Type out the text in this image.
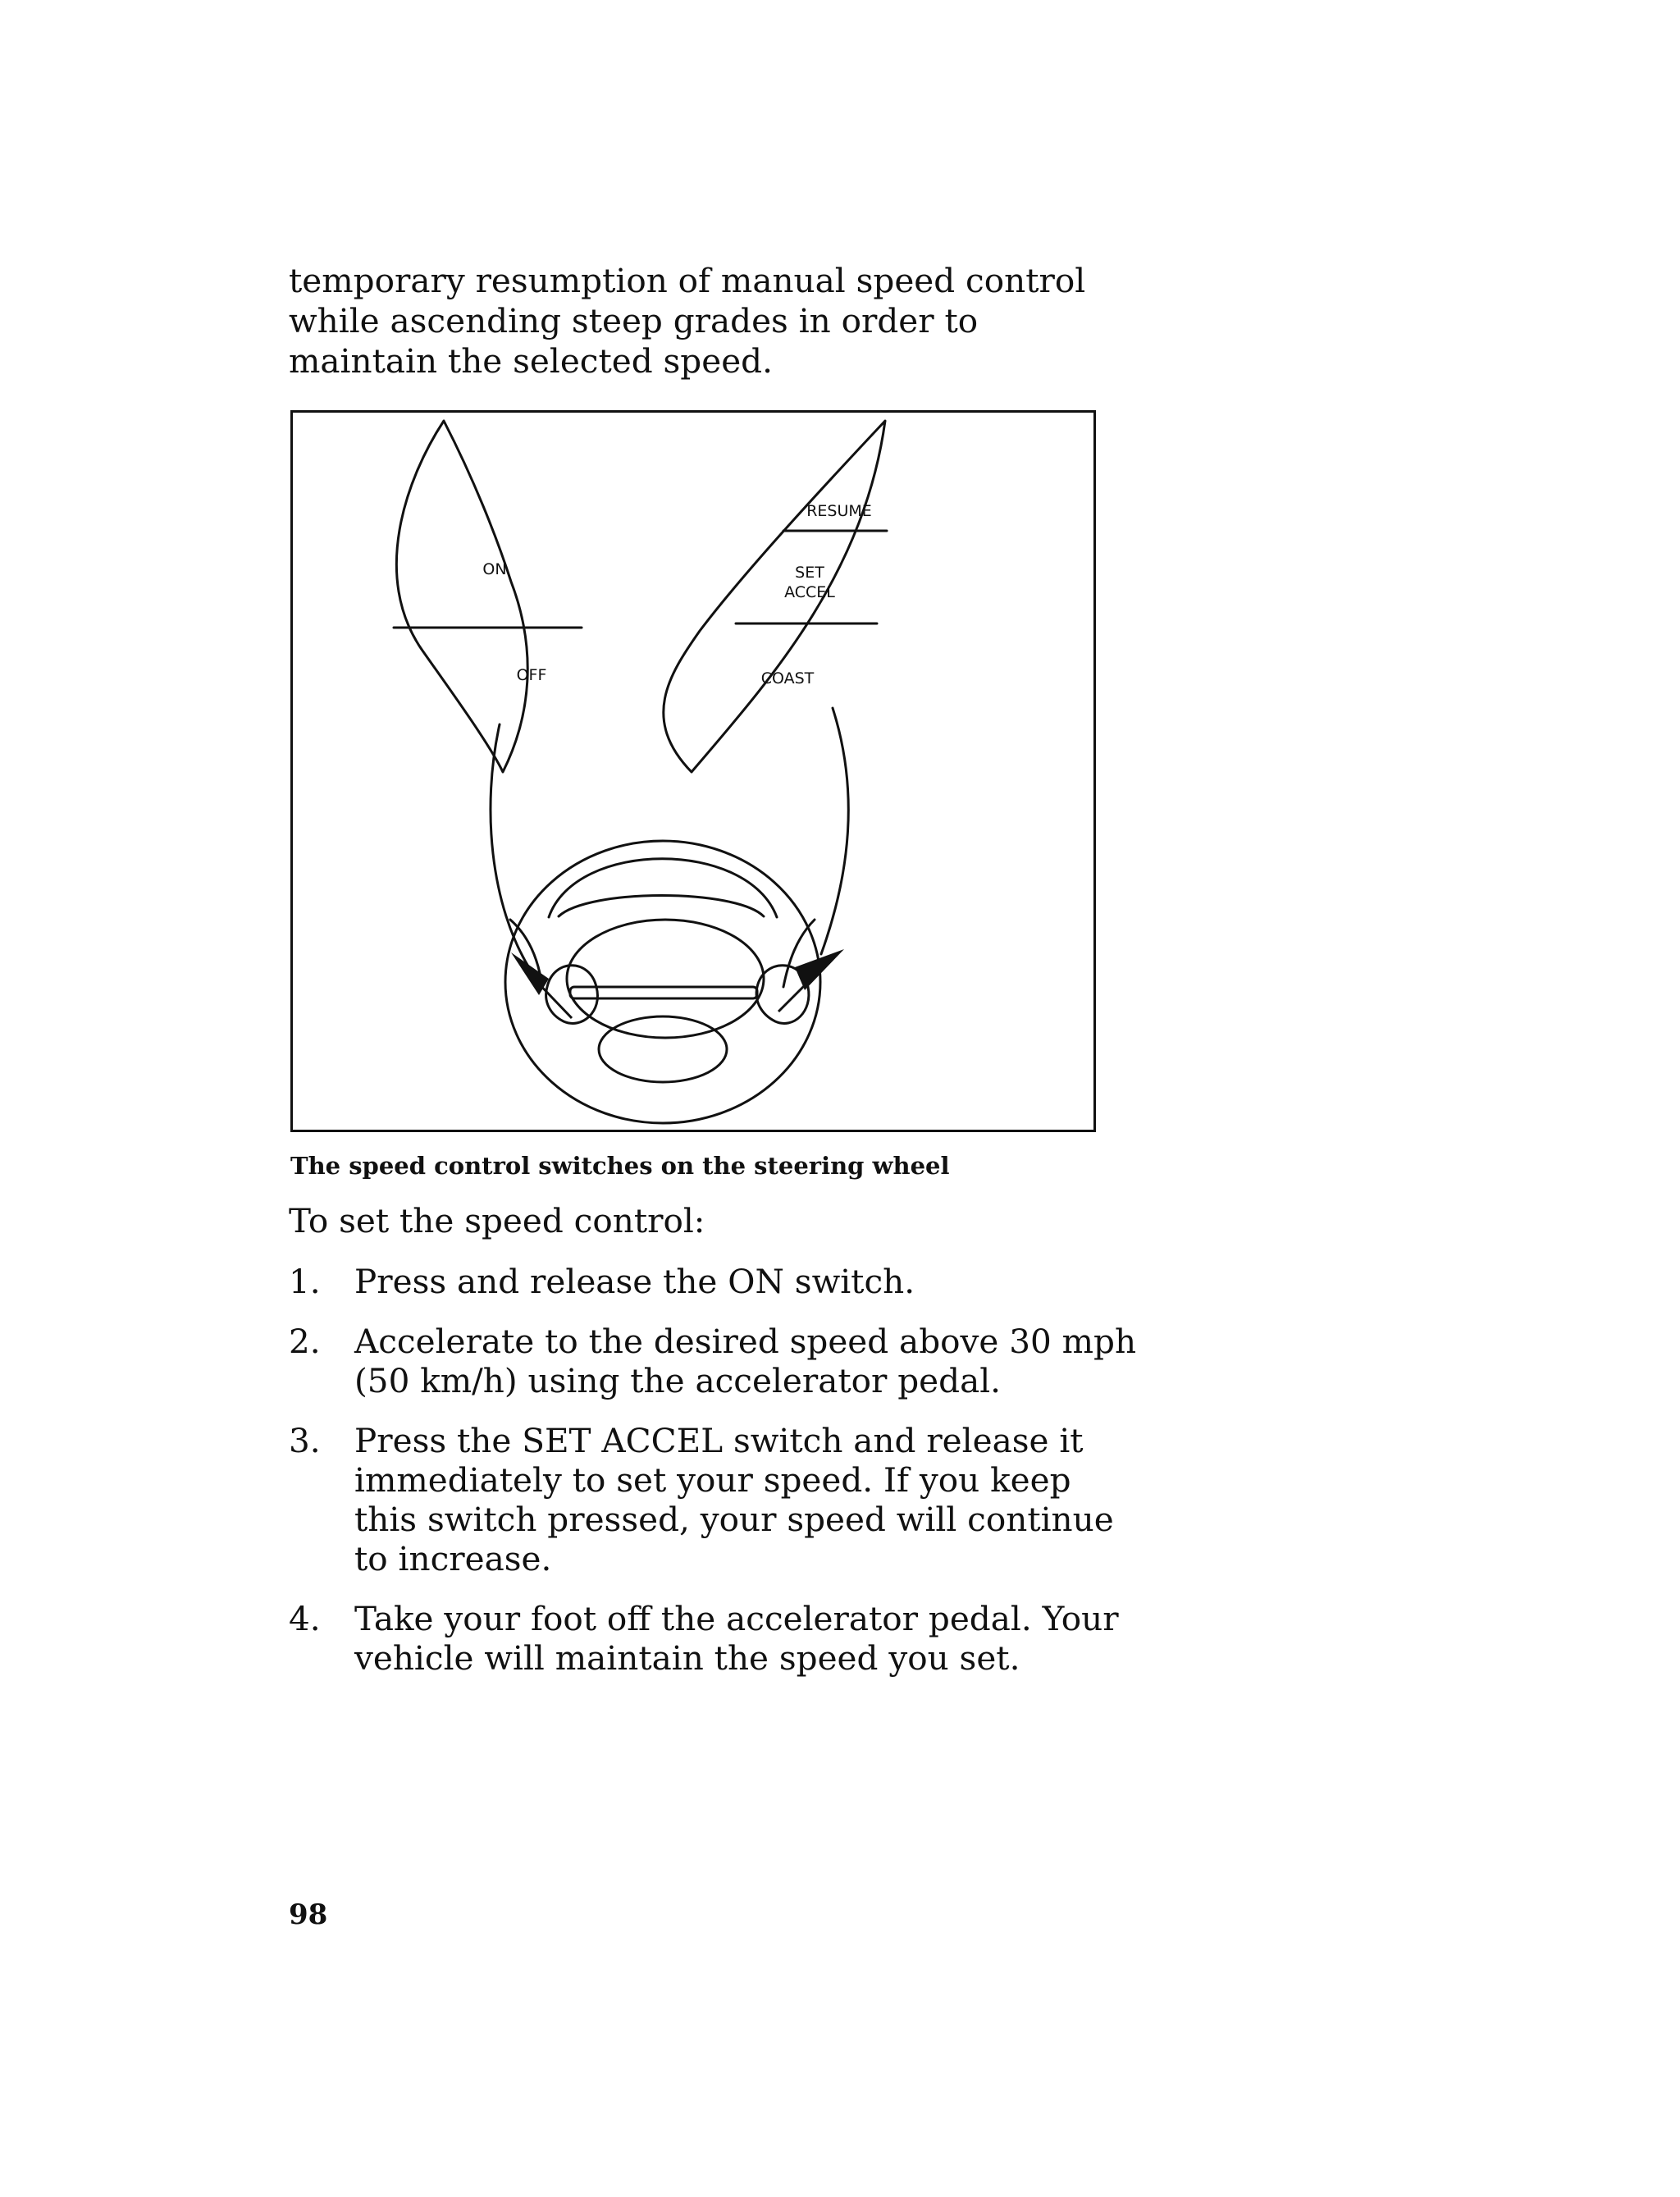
temporary resumption of manual speed control while ascending steep grades in order to maintain the selected speed.

ON
OFF
RESUME
SET
ACCEL
COAST

The speed control switches on the steering wheel

To set the speed control:

1. Press and release the ON switch.
2. Accelerate to the desired speed above 30 mph (50 km/h) using the accelerator pedal.
3. Press the SET ACCEL switch and release it immediately to set your speed. If you keep this switch pressed, your speed will continue to increase.
4. Take your foot off the accelerator pedal. Your vehicle will maintain the speed you set.

98
